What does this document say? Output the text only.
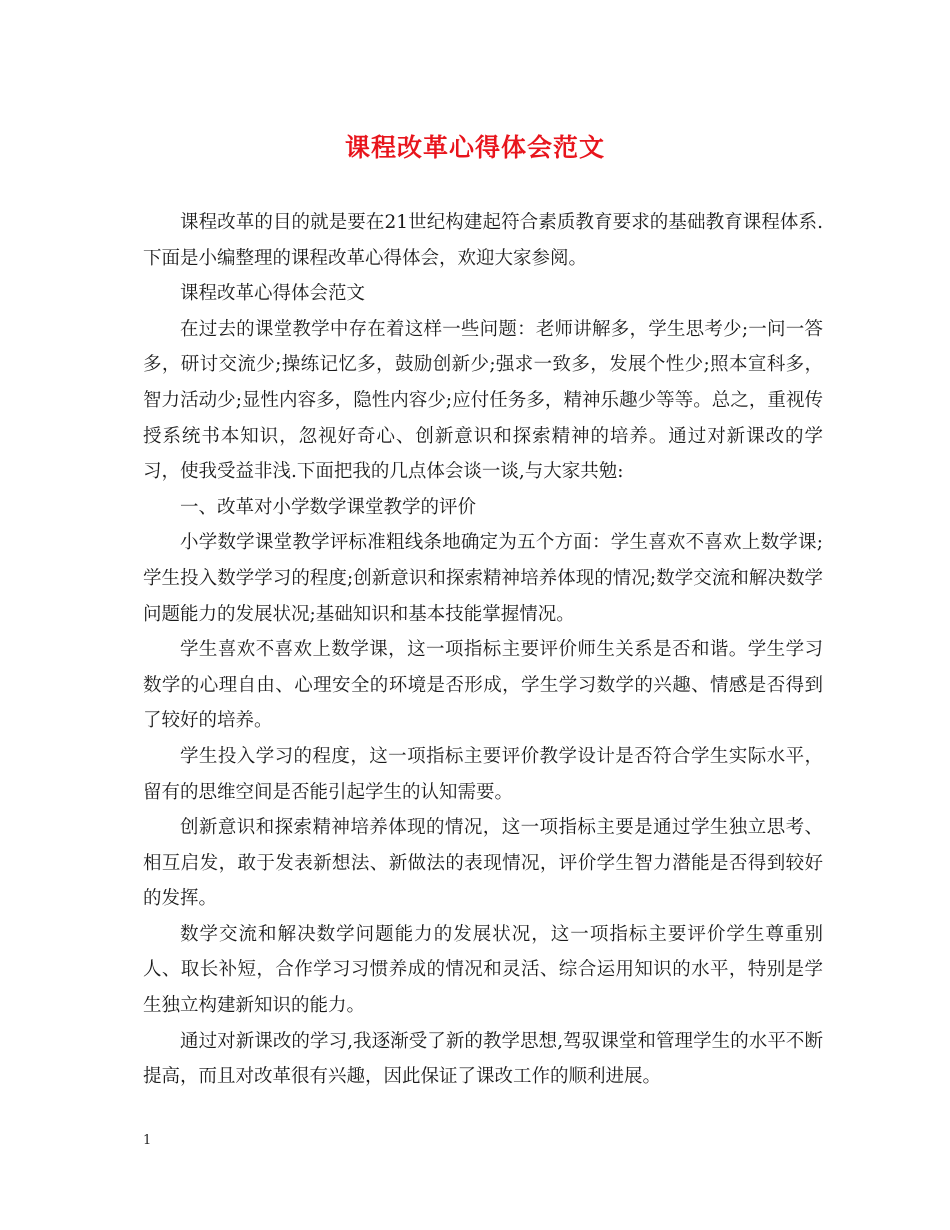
课程改革心得体会范文

课程改革的目的就是要在21世纪构建起符合素质教育要求的基础教育课程体系.下面是小编整理的课程改革心得体会，欢迎大家参阅。

课程改革心得体会范文

在过去的课堂教学中存在着这样一些问题：老师讲解多，学生思考少;一问一答多，研讨交流少;操练记忆多，鼓励创新少;强求一致多，发展个性少;照本宣科多，智力活动少;显性内容多，隐性内容少;应付任务多，精神乐趣少等等。总之，重视传授系统书本知识，忽视好奇心、创新意识和探索精神的培养。通过对新课改的学习，使我受益非浅.下面把我的几点体会谈一谈,与大家共勉:

一、改革对小学数学课堂教学的评价

小学数学课堂教学评标准粗线条地确定为五个方面：学生喜欢不喜欢上数学课;学生投入数学学习的程度;创新意识和探索精神培养体现的情况;数学交流和解决数学问题能力的发展状况;基础知识和基本技能掌握情况。

学生喜欢不喜欢上数学课，这一项指标主要评价师生关系是否和谐。学生学习数学的心理自由、心理安全的环境是否形成，学生学习数学的兴趣、情感是否得到了较好的培养。

学生投入学习的程度，这一项指标主要评价教学设计是否符合学生实际水平，留有的思维空间是否能引起学生的认知需要。

创新意识和探索精神培养体现的情况，这一项指标主要是通过学生独立思考、相互启发，敢于发表新想法、新做法的表现情况，评价学生智力潜能是否得到较好的发挥。

数学交流和解决数学问题能力的发展状况，这一项指标主要评价学生尊重别人、取长补短，合作学习习惯养成的情况和灵活、综合运用知识的水平，特别是学生独立构建新知识的能力。

通过对新课改的学习,我逐渐受了新的教学思想,驾驭课堂和管理学生的水平不断提高，而且对改革很有兴趣，因此保证了课改工作的顺利进展。

1
